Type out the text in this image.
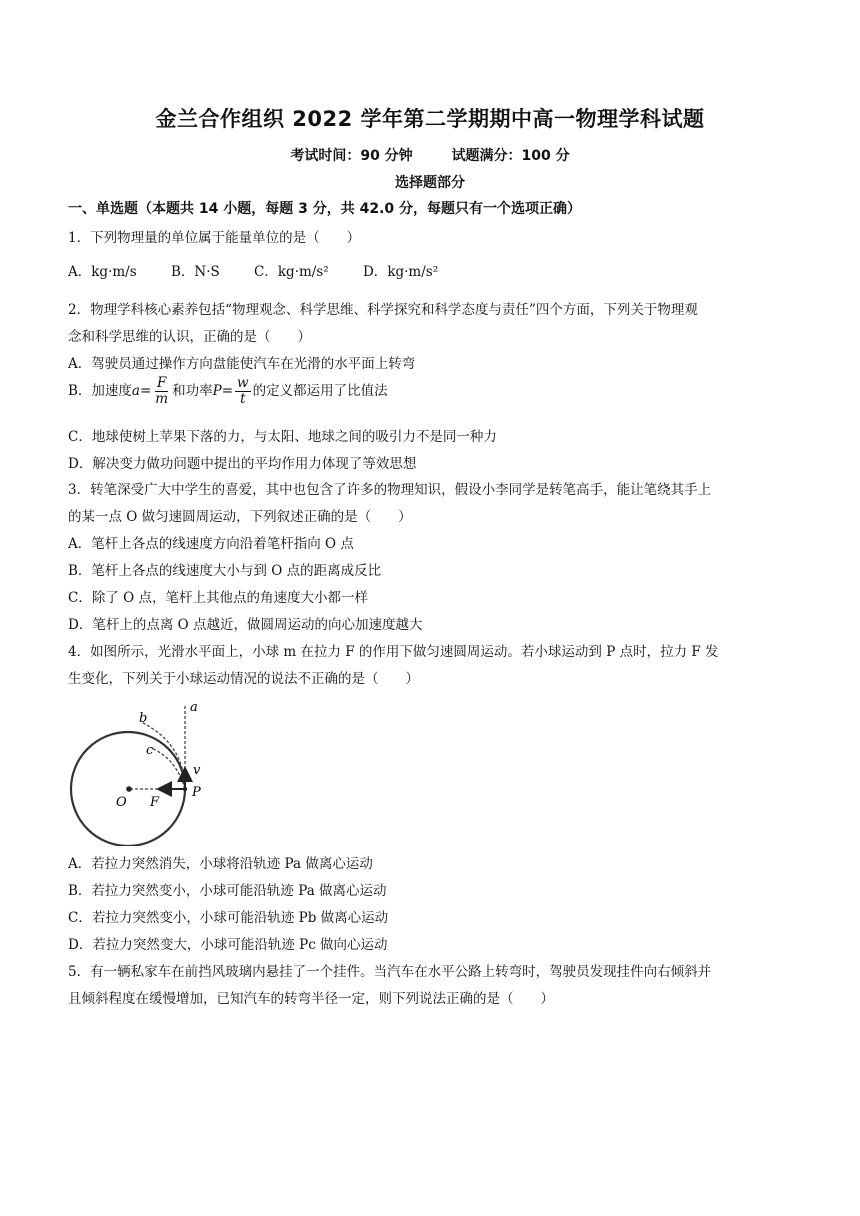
金兰合作组织 2022 学年第二学期期中高一物理学科试题
考试时间：90 分钟	试题满分：100 分
选择题部分
一、单选题（本题共 14 小题，每题 3 分，共 42.0 分，每题只有一个选项正确）
1．下列物理量的单位属于能量单位的是（　　）
A．kg·m/s	B．N·S	C．kg·m/s²	D．kg·m/s²
2．物理学科核心素养包括“物理观念、科学思维、科学探究和科学态度与责任”四个方面，下列关于物理观
念和科学思维的认识，正确的是（　　）
A．驾驶员通过操作方向盘能使汽车在光滑的水平面上转弯
B．加速度$a= \frac{F}{m}$ 和功率$P= \frac{w}{t}$ 的定义都运用了比值法
C．地球使树上苹果下落的力，与太阳、地球之间的吸引力不是同一种力
D．解决变力做功问题中提出的平均作用力体现了等效思想
3．转笔深受广大中学生的喜爱，其中也包含了许多的物理知识，假设小李同学是转笔高手，能让笔绕其手上
的某一点 O 做匀速圆周运动，下列叙述正确的是（　　）
A．笔杆上各点的线速度方向沿着笔杆指向 O 点
B．笔杆上各点的线速度大小与到 O 点的距离成反比
C．除了 O 点，笔杆上其他点的角速度大小都一样
D．笔杆上的点离 O 点越近，做圆周运动的向心加速度越大
4．如图所示，光滑水平面上，小球 m 在拉力 F 的作用下做匀速圆周运动。若小球运动到 P 点时，拉力 F 发
生变化，下列关于小球运动情况的说法不正确的是（　　）
a
b
c
v
O F
P
A．若拉力突然消失，小球将沿轨迹 Pa 做离心运动
B．若拉力突然变小，小球可能沿轨迹 Pa 做离心运动
C．若拉力突然变小，小球可能沿轨迹 Pb 做离心运动
D．若拉力突然变大，小球可能沿轨迹 Pc 做向心运动
5．有一辆私家车在前挡风玻璃内悬挂了一个挂件。当汽车在水平公路上转弯时，驾驶员发现挂件向右倾斜并
且倾斜程度在缓慢增加，已知汽车的转弯半径一定，则下列说法正确的是（　　）
